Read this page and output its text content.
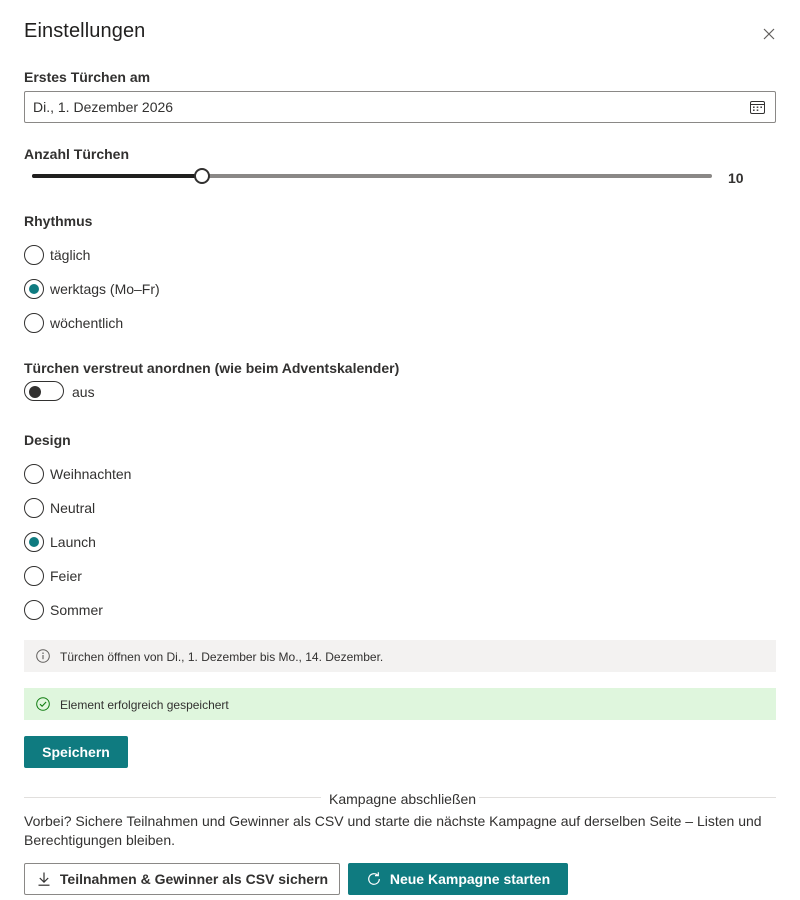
Einstellungen
Erstes Türchen am
Di., 1. Dezember 2026
Anzahl Türchen
10
Rhythmus
täglich
werktags (Mo–Fr)
wöchentlich
Türchen verstreut anordnen (wie beim Adventskalender)
aus
Design
Weihnachten
Neutral
Launch
Feier
Sommer
Türchen öffnen von Di., 1. Dezember bis Mo., 14. Dezember.
Element erfolgreich gespeichert
Speichern
Kampagne abschließen

Vorbei? Sichere Teilnahmen und Gewinner als CSV und starte die nächste Kampagne auf derselben Seite – Listen und Berechtigungen bleiben.

Teilnahmen & Gewinner als CSV sichern	Neue Kampagne starten
